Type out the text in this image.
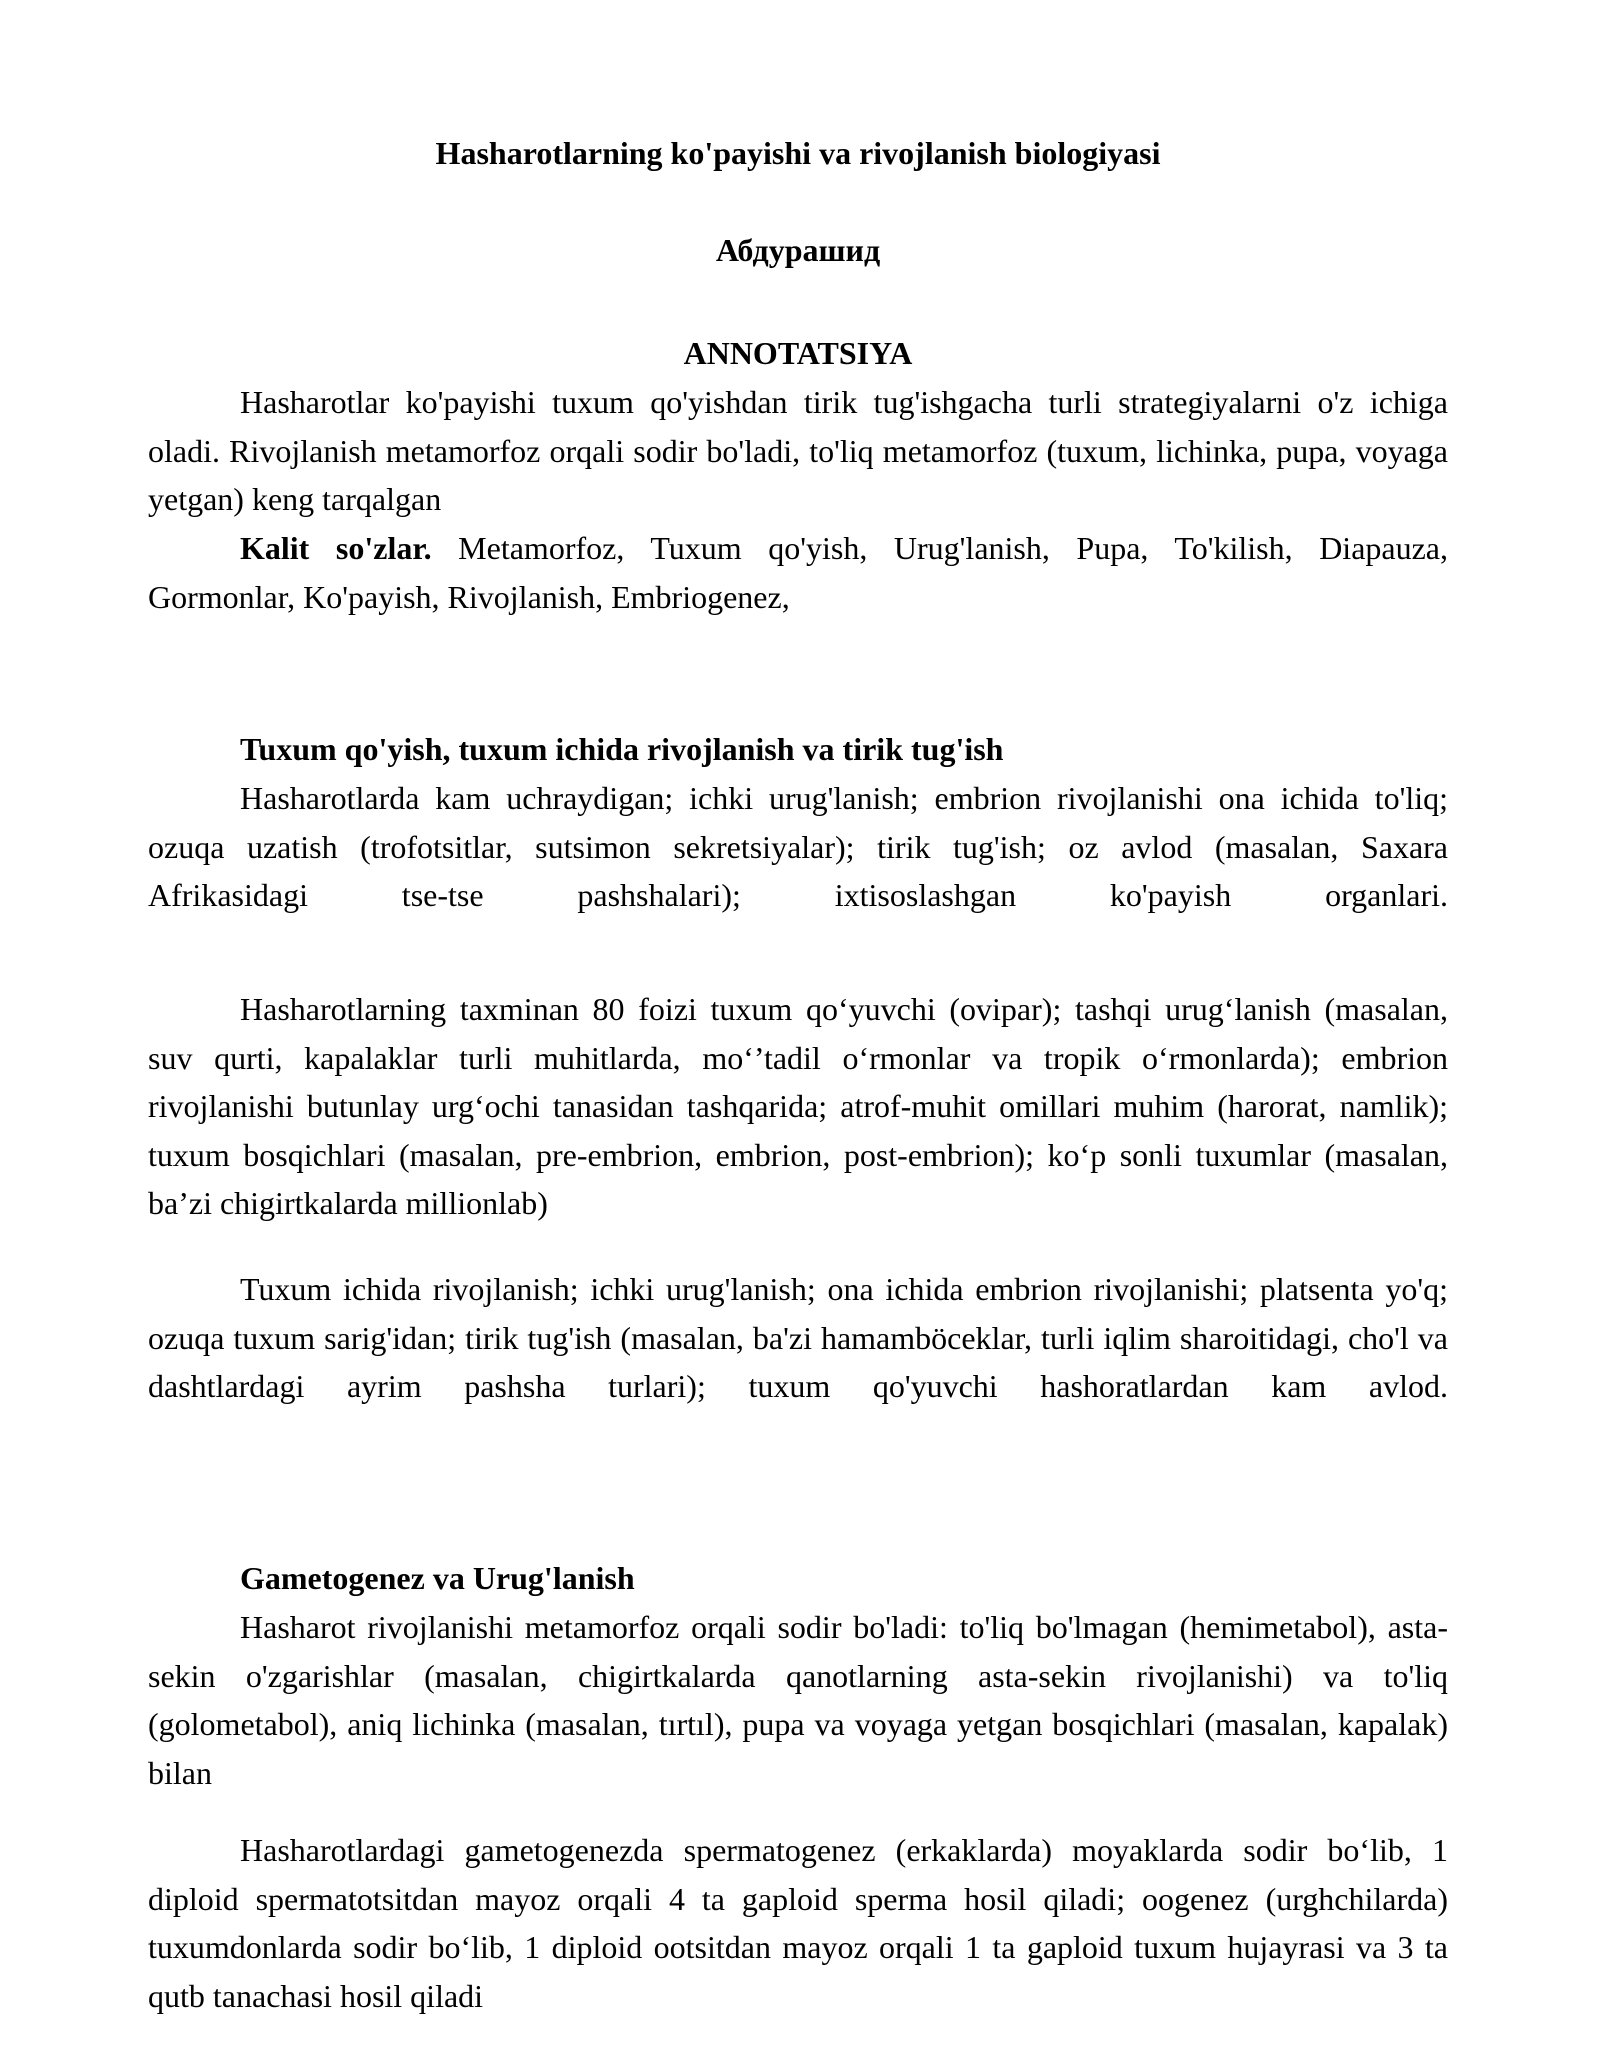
Hasharotlarning ko'payishi va rivojlanish biologiyasi
Абдурашид
ANNOTATSIYA

Hasharotlar ko'payishi tuxum qo'yishdan tirik tug'ishgacha turli strategiyalarni o'z ichiga oladi. Rivojlanish metamorfoz orqali sodir bo'ladi, to'liq metamorfoz (tuxum, lichinka, pupa, voyaga yetgan) keng tarqalgan

Kalit so'zlar. Metamorfoz, Tuxum qo'yish, Urug'lanish, Pupa, To'kilish, Diapauza, Gormonlar, Ko'payish, Rivojlanish, Embriogenez,

Tuxum qo'yish, tuxum ichida rivojlanish va tirik tug'ish

Hasharotlarda kam uchraydigan; ichki urug'lanish; embrion rivojlanishi ona ichida to'liq; ozuqa uzatish (trofotsitlar, sutsimon sekretsiyalar); tirik tug'ish; oz avlod (masalan, Saxara Afrikasidagi tse-tse pashshalari); ixtisoslashgan ko'payish organlari.

Hasharotlarning taxminan 80 foizi tuxum qo‘yuvchi (ovipar); tashqi urug‘lanish (masalan, suv qurti, kapalaklar turli muhitlarda, mo‘’tadil o‘rmonlar va tropik o‘rmonlarda); embrion rivojlanishi butunlay urg‘ochi tanasidan tashqarida; atrof-muhit omillari muhim (harorat, namlik); tuxum bosqichlari (masalan, pre-embrion, embrion, post-embrion); ko‘p sonli tuxumlar (masalan, ba’zi chigirtkalarda millionlab)

Tuxum ichida rivojlanish; ichki urug'lanish; ona ichida embrion rivojlanishi; platsenta yo'q; ozuqa tuxum sarig'idan; tirik tug'ish (masalan, ba'zi hamamböceklar, turli iqlim sharoitidagi, cho'l va dashtlardagi ayrim pashsha turlari); tuxum qo'yuvchi hashoratlardan kam avlod.

Gametogenez va Urug'lanish

Hasharot rivojlanishi metamorfoz orqali sodir bo'ladi: to'liq bo'lmagan (hemimetabol), asta-sekin o'zgarishlar (masalan, chigirtkalarda qanotlarning asta-sekin rivojlanishi) va to'liq (golometabol), aniq lichinka (masalan, tırtıl), pupa va voyaga yetgan bosqichlari (masalan, kapalak) bilan

Hasharotlardagi gametogenezda spermatogenez (erkaklarda) moyaklarda sodir bo‘lib, 1 diploid spermatotsitdan mayoz orqali 4 ta gaploid sperma hosil qiladi; oogenez (urghchilarda) tuxumdonlarda sodir bo‘lib, 1 diploid ootsitdan mayoz orqali 1 ta gaploid tuxum hujayrasi va 3 ta qutb tanachasi hosil qiladi
